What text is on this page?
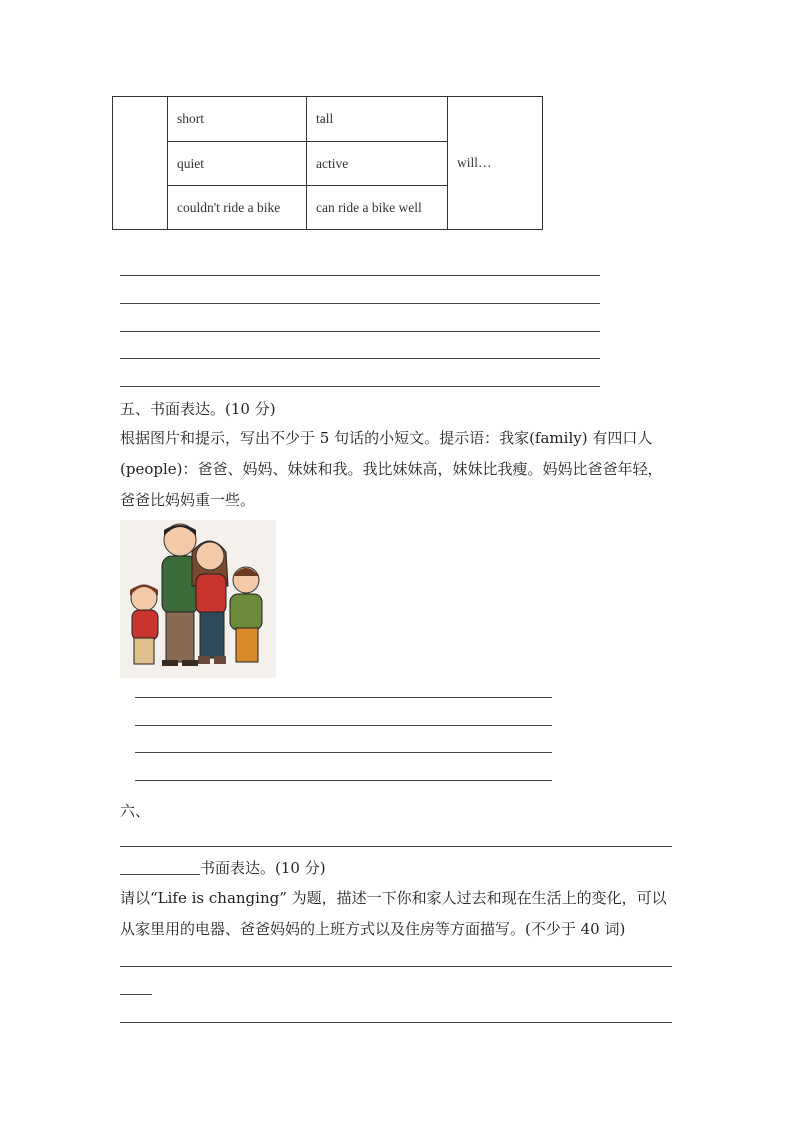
	short	tall	will…
	quiet	active	
	couldn't ride a bike	can ride a bike well	
五、书面表达。(10 分)
根据图片和提示，写出不少于 5 句话的小短文。提示语：我家(family) 有四口人
(people)：爸爸、妈妈、妹妹和我。我比妹妹高，妹妹比我瘦。妈妈比爸爸年轻，
爸爸比妈妈重一些。
六、
书面表达。(10 分)
请以“Life is changing” 为题，描述一下你和家人过去和现在生活上的变化，可以
从家里用的电器、爸爸妈妈的上班方式以及住房等方面描写。(不少于 40 词)
